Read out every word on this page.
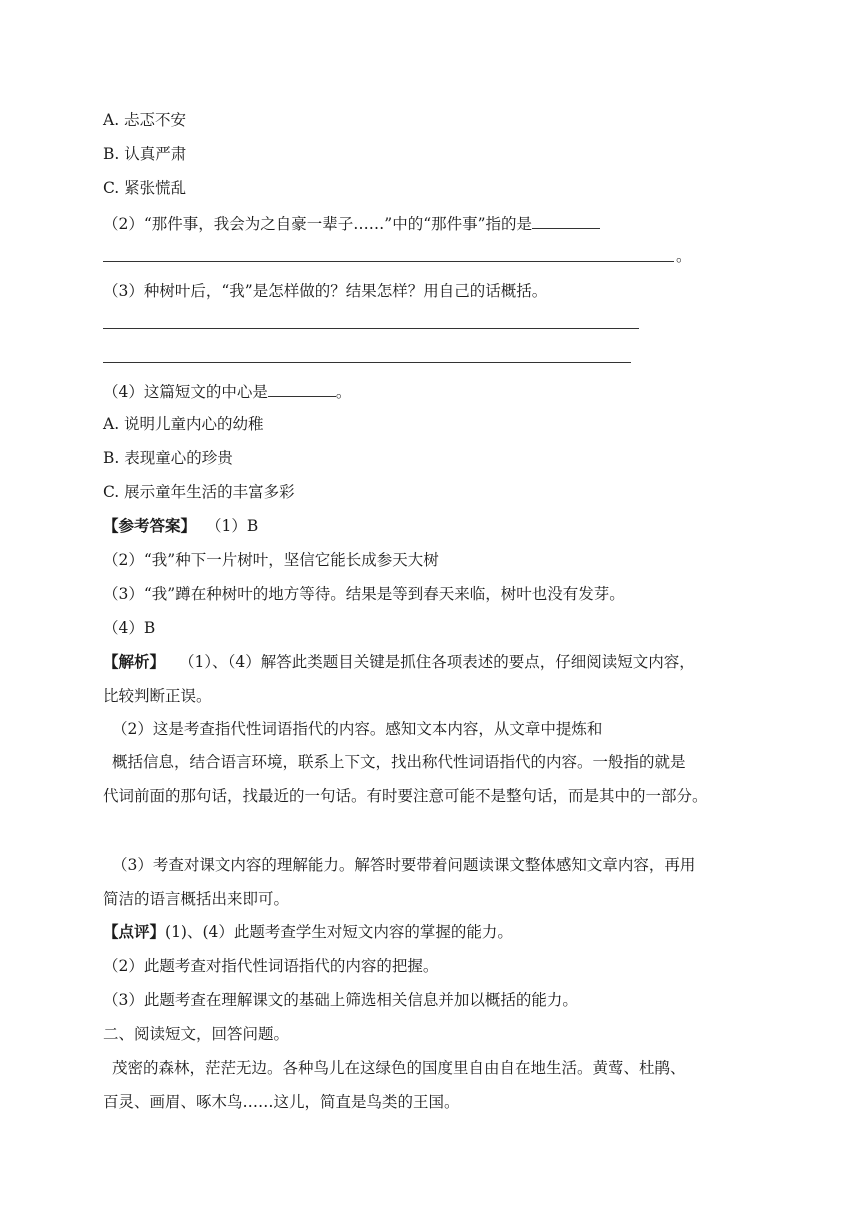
A. 忐忑不安
B. 认真严肃
C. 紧张慌乱
（2）“那件事，我会为之自豪一辈子……”中的“那件事”指的是
。
（3）种树叶后，“我”是怎样做的？结果怎样？用自己的话概括。
（4）这篇短文的中心是	。
A. 说明儿童内心的幼稚
B. 表现童心的珍贵
C. 展示童年生活的丰富多彩
【参考答案】 （1）B
（2）“我”种下一片树叶，坚信它能长成参天大树
（3）“我”蹲在种树叶的地方等待。结果是等到春天来临，树叶也没有发芽。
（4）B
【解析】 （1）、（4）解答此类题目关键是抓住各项表述的要点，仔细阅读短文内容，
比较判断正误。
（2）这是考查指代性词语指代的内容。感知文本内容，从文章中提炼和
概括信息，结合语言环境，联系上下文，找出称代性词语指代的内容。一般指的就是
代词前面的那句话，找最近的一句话。有时要注意可能不是整句话，而是其中的一部分。
（3）考查对课文内容的理解能力。解答时要带着问题读课文整体感知文章内容，再用
简洁的语言概括出来即可。
【点评】(1)、(4）此题考查学生对短文内容的掌握的能力。
（2）此题考查对指代性词语指代的内容的把握。
（3）此题考查在理解课文的基础上筛选相关信息并加以概括的能力。
二、阅读短文，回答问题。
茂密的森林，茫茫无边。各种鸟儿在这绿色的国度里自由自在地生活。黄莺、杜鹃、
百灵、画眉、啄木鸟……这儿，简直是鸟类的王国。
